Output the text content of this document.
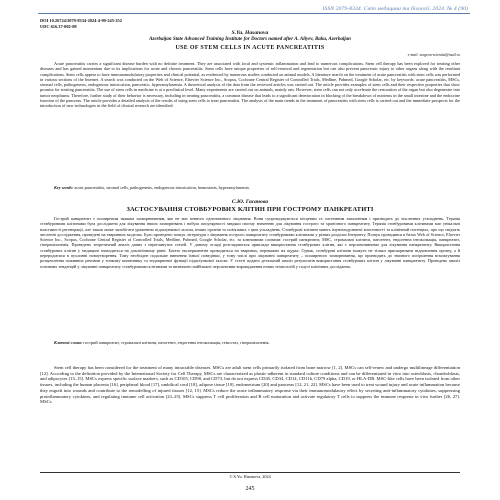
ISSN 2079-8334. Світ медицини та біології. 2024. № 4 (90)
DOI 10.26724/2079-8334-2024-4-90-245-252
UDC 616.37-002-08
S.Yu. Hasanova
Azerbaijan State Advanced Training Institute for Doctors named after A. Aliyev, Baku, Azerbaijan
USE OF STEM CELLS IN ACUTE PANCREATITIS
e-mail: surgeon-scientist@mail.ru
Acute pancreatitis carries a significant disease burden with no definite treatment. They are associated with local and systemic inflammation and lead to numerous complications. Stem cell therapy has been explored for treating other diseases and has gained momentum due to its implications for acute and chronic pancreatitis. Stem cells have unique properties of self-renewal and regeneration but can also prevent pancreatic injury to other organs along with the resultant complications. Stem cells appear to have immunomodulatory properties and clinical potential, as evidenced by numerous studies conducted on animal models. A literature search on the treatment of acute pancreatitis with stem cells was performed in various sections of the Internet. A search was conducted on the Web of Science, Elsevier Science Inc., Scopus, Cochrane Central Register of Controlled Trials, Medline, Pubmed, Google Scholar, etc. by keywords: acute pancreatitis, MSCs, stromal cells, pathogenesis, endogenous intoxication, pancreatic, hyperamylasemia. A theoretical analysis of the data from the reviewed articles was carried out. The article provides examples of stem cells and their respective properties that show promise for treating pancreatitis. The use of stem cells in medicine is at a preclinical level. Many experiments are carried out on animals, mainly rats. However, stem cells can not only accelerate the restoration of the organ but also degenerate into tumor neoplasms. Therefore, further study of their behavior is necessary, including in treating pancreatitis, a common disease that leads to a significant deterioration in blocking of the breakdown of nutrients in the small intestine and the endocrine function of the pancreas. The article provides a detailed analysis of the results of using stem cells to treat pancreatitis. The analysis of the main trends in the treatment of pancreatitis with stem cells is carried out and the immediate prospects for the introduction of new technologies in the field of clinical research are identified.
Key words: acute pancreatitis, stromal cells, pathogenesis, endogenous intoxication, hemostasis, hyperamylasemia.
С.Ю. Гасанова
ЗАСТОСУВАННЯ СТОВБУРОВИХ КЛІТИН ПРИ ГОСТРОМУ ПАНКРЕАТИТІ
Гострий панкреатит є поширеним тяжким захворюванням, яке не має певного однозначного лікування. Вони супроводжуються місцевим та системним запаленням і призводять до численних ускладнень. Терапія стовбуровими клітинами була досліджена для лікування інших захворювань і набула популярності завдяки своєму значенню для лікування гострого та хронічного панкреатиту. Терапія стовбуровими клітинами має унікальні властивості регенерації, але також може запобігати ураженню підшлункової залози, інших органів та пов'язаних з цим ускладнень. Стовбурові клітини мають імуномодулюючі властивості та клінічний потенціал, про що свідчать численні дослідження, проведені на тваринних моделях. Було проведено пошук літератури з лікування гострого панкреатиту стовбуровими клітинами у різних розділах Інтернету. Пошук проводився в базах Web of Science, Elsevier Science Inc., Scopus, Cochrane Central Register of Controlled Trials, Medline, Pubmed, Google Scholar, etc. за ключовими словами: гострий панкреатит, MSC, стромальні клітини, патогенез, ендогенна інтоксикація, панкреатит, гіперамілаземія. Проведено теоретичний аналіз даних з переглянутих статей. У даному огляді розглядаються приклади використання стовбурових клітин, які є перспективними для лікування панкреатиту. Використання стовбурових клітин у медицині знаходиться на доклінічному рівні. Багато експериментів проводиться на тваринах, переважно на щурах. Однак, стовбурові клітини можуть не тільки прискорювати відновлення органу, а й переродитися в пухлинні новоутворення. Тому необхідне подальше вивчення їхньої поведінки, у тому числі при лікуванні панкреатиту – поширеного захворювання, що призводить до значного погіршення всмоктування розщеплення поживних речовин у тонкому кишечнику та ендокринної функції підшлункової залози. У статті подано детальний аналіз результатів використання стовбурових клітин у лікуванні панкреатиту. Проведено аналіз основних тенденцій у лікуванні панкреатиту стовбуровими клітинами та визначено найближчі перспективи впровадження нових технологій у галузі клінічних досліджень.
Ключові слова: гострий панкреатит, стромальні клітини, патогенез, ендогенна інтоксикація, гемостаз, гіперамілаземія.
Stem cell therapy has been considered for the treatment of many intractable diseases. MSCs are adult stem cells primarily isolated from bone marrow [1, 2]. MSCs can self-renew and undergo multilineage differentiation [12]. According to the definition provided by the International Society for Cell Therapy, MSCs are characterized as plastic-adherent in standard culture conditions and can be differentiated in vitro into osteoblasts, chondroblasts, and adipocytes [13–15]. MSCs express specific surface markers, such as CD105, CD90, and CD73, but do not express CD45, CD34, CD14, CD11b, CD79 alpha, CD19, or HLA-DR. MSC-like cells have been isolated from other tissues, including the human placenta [16], peripheral blood [17], umbilical cord [18], adipose tissue [19], endometrium [20] and pancreas [12, 21, 22]. MSCs have been used to treat wound injury and acute inflammation because they engraft into wounds and contribute to the remodelling of injured tissues [12, 15]. MSCs reduce the acute inflammatory response via their immunomodulatory effect by secreting anti-inflammatory cytokines, suppressing proinflammatory cytokines, and regulating immune cell activation [23–25]. MSCs suppress T cell proliferation and B cell maturation and activate regulatory T cells to suppress the immune response in vivo further [26, 27]. MSCs
© S.Yu. Hasanova, 2024
245
